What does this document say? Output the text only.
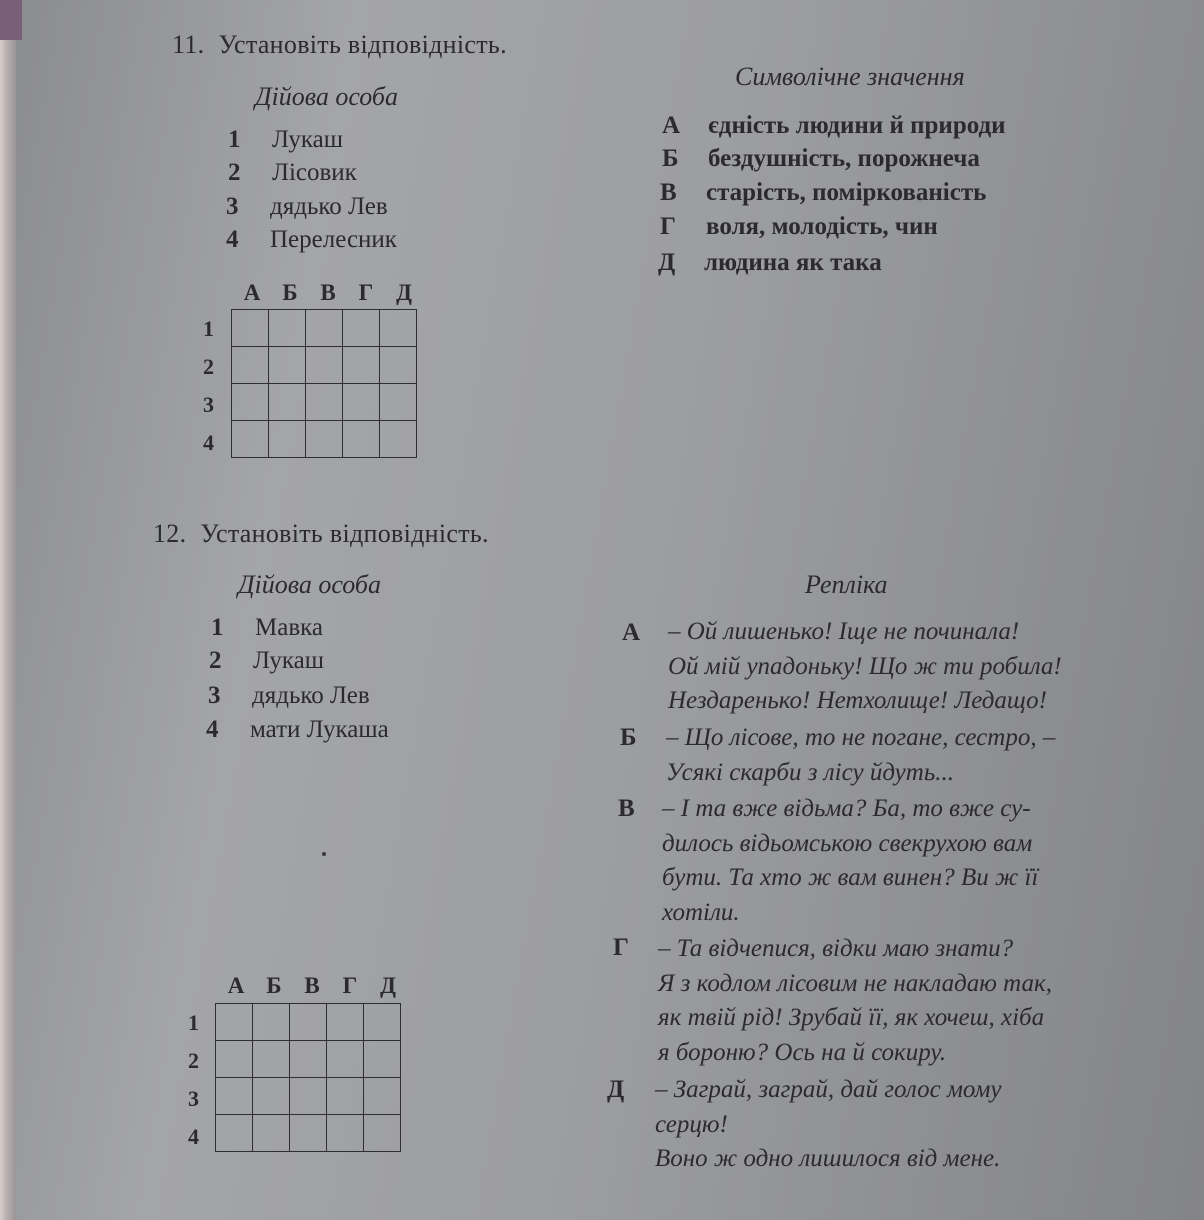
11. Установіть відповідність.
Дійова особа
Символічне значення
1 Лукаш
2 Лісовик
3 дядько Лев
4 Перелесник
А єдність людини й природи
Б бездушність, порожнеча
В старість, поміркованість
Г воля, молодість, чин
Д людина як така
А Б В Г Д
1
2
3
4

12. Установіть відповідність.
Дійова особа	Репліка
1 Мавка
2 Лукаш
3 дядько Лев
4 мати Лукаша
А – Ой лишенько! Іще не починала!
Ой мій упадоньку! Що ж ти робила!
Нездаренько! Нетхолище! Ледащо!
Б – Що лісове, то не погане, сестро, –
Усякі скарби з лісу йдуть...
В – І та вже відьма? Ба, то вже су-
дилось відьомською свекрухою вам
бути. Та хто ж вам винен? Ви ж її
хотіли.
Г – Та відчепися, відки маю знати?
Я з кодлом лісовим не накладаю так,
як твій рід! Зрубай її, як хочеш, хіба
я бороню? Ось на й сокиру.
Д – Заграй, заграй, дай голос мому
серцю!
Воно ж одно лишилося від мене.
А Б В Г Д
1
2
3
4
